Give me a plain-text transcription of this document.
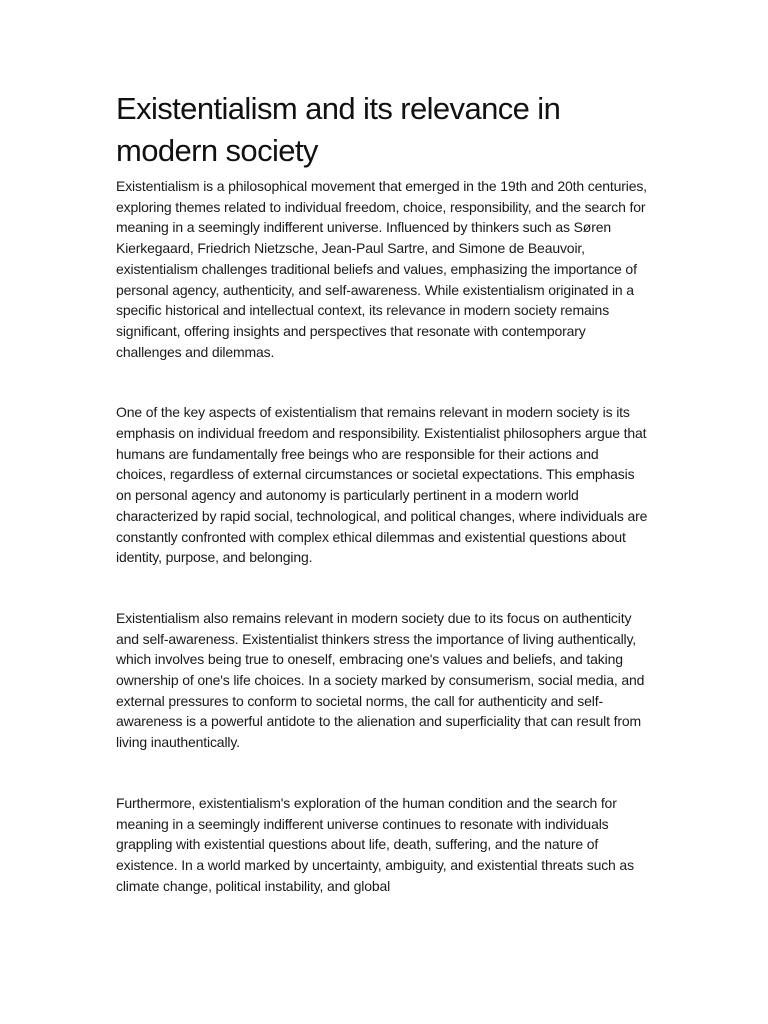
Existentialism and its relevance in modern society

Existentialism is a philosophical movement that emerged in the 19th and 20th centuries, exploring themes related to individual freedom, choice, responsibility, and the search for meaning in a seemingly indifferent universe. Influenced by thinkers such as Søren Kierkegaard, Friedrich Nietzsche, Jean-Paul Sartre, and Simone de Beauvoir, existentialism challenges traditional beliefs and values, emphasizing the importance of personal agency, authenticity, and self-awareness. While existentialism originated in a specific historical and intellectual context, its relevance in modern society remains significant, offering insights and perspectives that resonate with contemporary challenges and dilemmas.

One of the key aspects of existentialism that remains relevant in modern society is its emphasis on individual freedom and responsibility. Existentialist philosophers argue that humans are fundamentally free beings who are responsible for their actions and choices, regardless of external circumstances or societal expectations. This emphasis on personal agency and autonomy is particularly pertinent in a modern world characterized by rapid social, technological, and political changes, where individuals are constantly confronted with complex ethical dilemmas and existential questions about identity, purpose, and belonging.

Existentialism also remains relevant in modern society due to its focus on authenticity and self-awareness. Existentialist thinkers stress the importance of living authentically, which involves being true to oneself, embracing one's values and beliefs, and taking ownership of one's life choices. In a society marked by consumerism, social media, and external pressures to conform to societal norms, the call for authenticity and self-awareness is a powerful antidote to the alienation and superficiality that can result from living inauthentically.

Furthermore, existentialism's exploration of the human condition and the search for meaning in a seemingly indifferent universe continues to resonate with individuals grappling with existential questions about life, death, suffering, and the nature of existence. In a world marked by uncertainty, ambiguity, and existential threats such as climate change, political instability, and global
